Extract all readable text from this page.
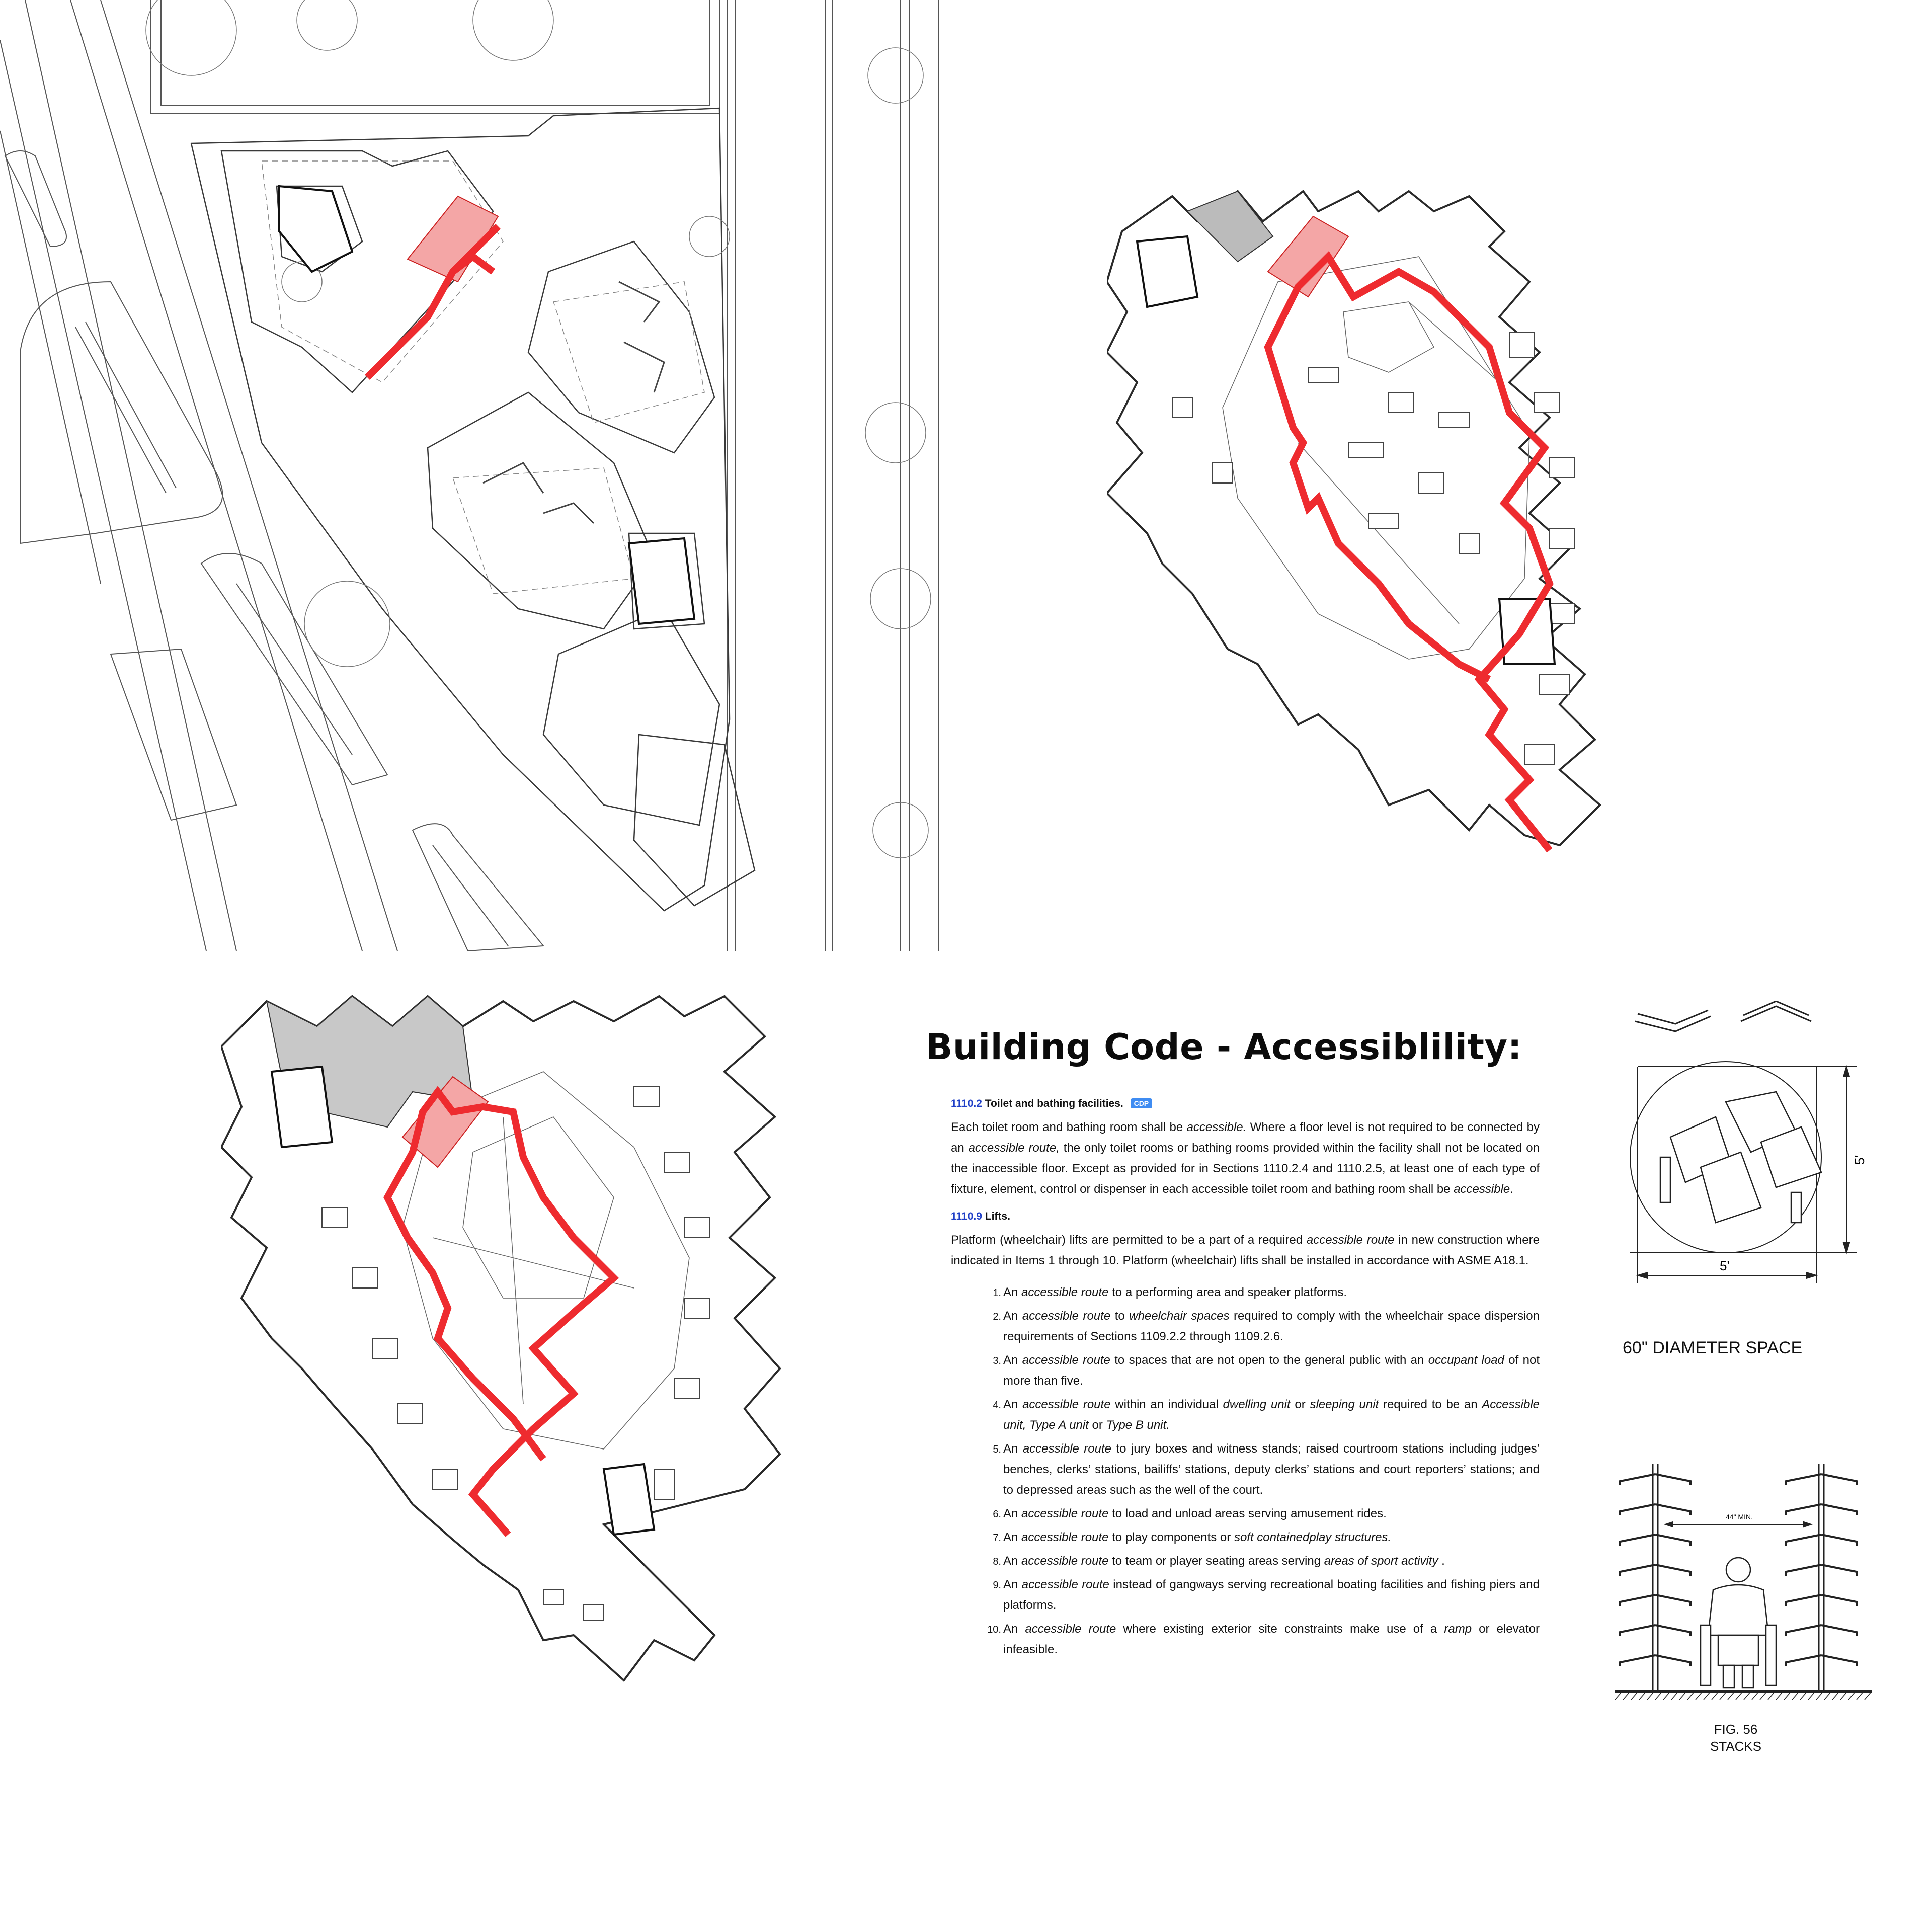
Building Code - Accessiblility:
1110.2 Toilet and bathing facilities. CDP

Each toilet room and bathing room shall be accessible. Where a floor level is not required to be connected by an accessible route, the only toilet rooms or bathing rooms provided within the facility shall not be located on the inaccessible floor. Except as provided for in Sections 1110.2.4 and 1110.2.5, at least one of each type of fixture, element, control or dispenser in each accessible toilet room and bathing room shall be accessible.

1110.9 Lifts.

Platform (wheelchair) lifts are permitted to be a part of a required accessible route in new construction where indicated in Items 1 through 10. Platform (wheelchair) lifts shall be installed in accordance with ASME A18.1.

1. An accessible route to a performing area and speaker platforms.
2. An accessible route to wheelchair spaces required to comply with the wheelchair space dispersion requirements of Sections 1109.2.2 through 1109.2.6.
3. An accessible route to spaces that are not open to the general public with an occupant load of not more than five.
4. An accessible route within an individual dwelling unit or sleeping unit required to be an Accessible unit, Type A unit or Type B unit.
5. An accessible route to jury boxes and witness stands; raised courtroom stations including judges’ benches, clerks’ stations, bailiffs’ stations, deputy clerks’ stations and court reporters’ stations; and to depressed areas such as the well of the court.
6. An accessible route to load and unload areas serving amusement rides.
7. An accessible route to play components or soft containedplay structures.
8. An accessible route to team or player seating areas serving areas of sport activity .
9. An accessible route instead of gangways serving recreational boating facilities and fishing piers and platforms.
10. An accessible route where existing exterior site constraints make use of a ramp or elevator infeasible.
5'
5'
60" DIAMETER SPACE
44" MIN.
FIG. 56
STACKS
